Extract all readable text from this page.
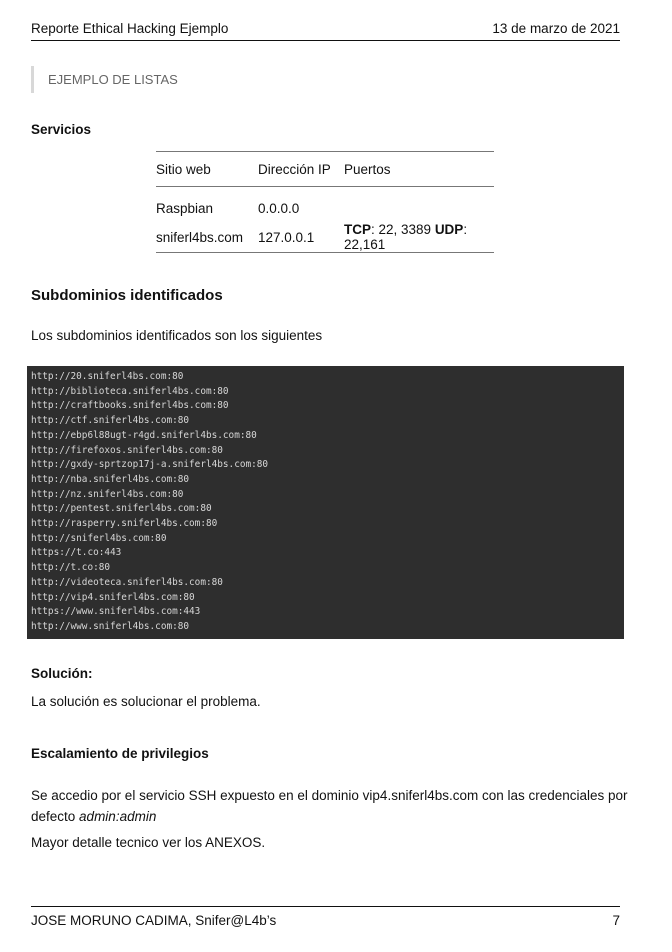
Reporte Ethical Hacking Ejemplo	13 de marzo de 2021
EJEMPLO DE LISTAS
Servicios
Sitio web	Dirección IP	Puertos
Raspbian	0.0.0.0	
sniferl4bs.com	127.0.0.1	TCP: 22, 3389 UDP: 22,161
Subdominios identificados
Los subdominios identificados son los siguientes
http://20.sniferl4bs.com:80
http://biblioteca.sniferl4bs.com:80
http://craftbooks.sniferl4bs.com:80
http://ctf.sniferl4bs.com:80
http://ebp6l88ugt-r4gd.sniferl4bs.com:80
http://firefoxos.sniferl4bs.com:80
http://gxdy-sprtzop17j-a.sniferl4bs.com:80
http://nba.sniferl4bs.com:80
http://nz.sniferl4bs.com:80
http://pentest.sniferl4bs.com:80
http://rasperry.sniferl4bs.com:80
http://sniferl4bs.com:80
https://t.co:443
http://t.co:80
http://videoteca.sniferl4bs.com:80
http://vip4.sniferl4bs.com:80
https://www.sniferl4bs.com:443
http://www.sniferl4bs.com:80
Solución:
La solución es solucionar el problema.
Escalamiento de privilegios
Se accedio por el servicio SSH expuesto en el dominio vip4.sniferl4bs.com con las credenciales por
defecto admin:admin
Mayor detalle tecnico ver los ANEXOS.
JOSE MORUNO CADIMA, Snifer@L4b’s	7
